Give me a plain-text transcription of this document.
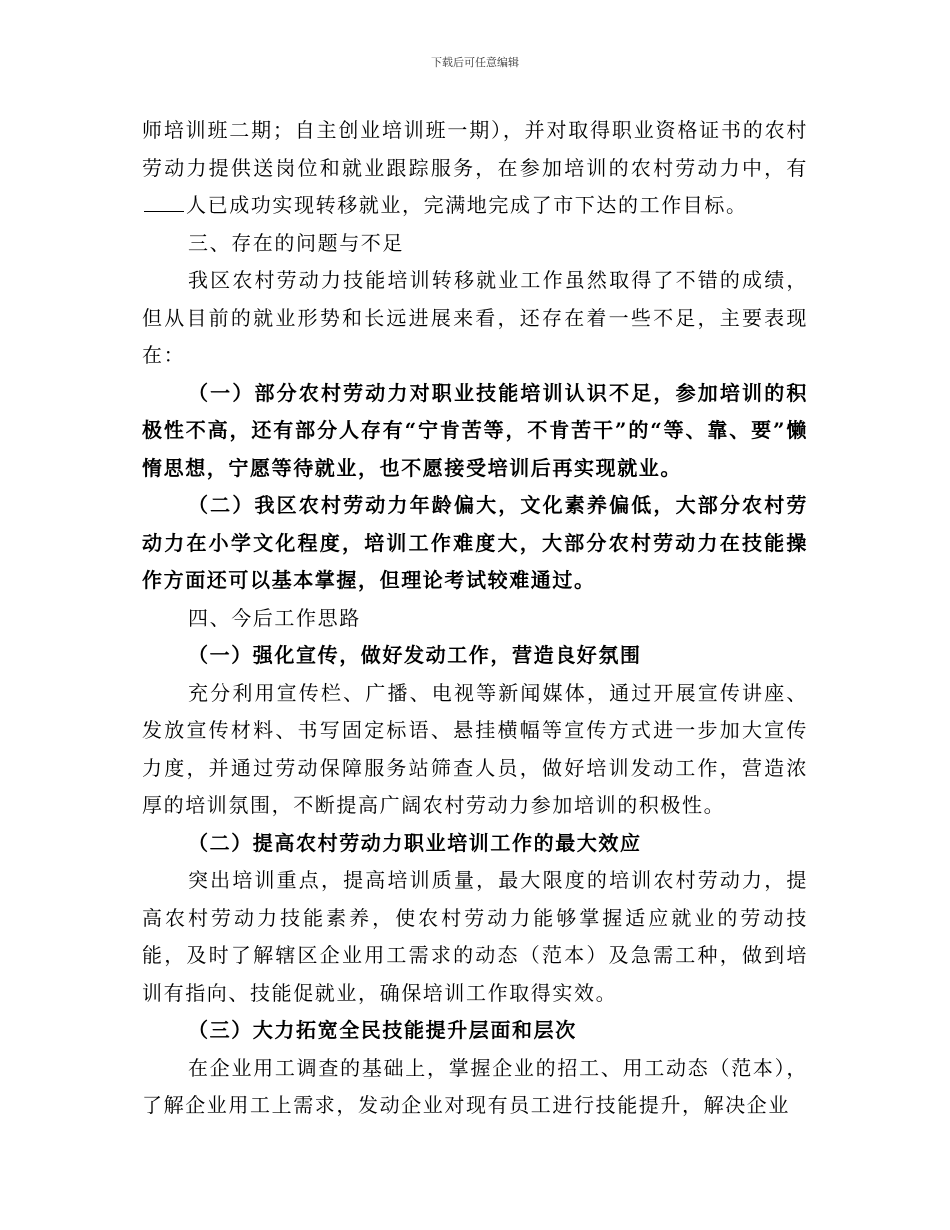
下载后可任意编辑

师培训班二期；自主创业培训班一期），并对取得职业资格证书的农村劳动力提供送岗位和就业跟踪服务，在参加培训的农村劳动力中，有人已成功实现转移就业，完满地完成了市下达的工作目标。

三、存在的问题与不足

我区农村劳动力技能培训转移就业工作虽然取得了不错的成绩，但从目前的就业形势和长远进展来看，还存在着一些不足，主要表现在：

（一）部分农村劳动力对职业技能培训认识不足，参加培训的积极性不高，还有部分人存有“宁肯苦等，不肯苦干”的“等、靠、要”懒惰思想，宁愿等待就业，也不愿接受培训后再实现就业。

（二）我区农村劳动力年龄偏大，文化素养偏低，大部分农村劳动力在小学文化程度，培训工作难度大，大部分农村劳动力在技能操作方面还可以基本掌握，但理论考试较难通过。

四、今后工作思路

（一）强化宣传，做好发动工作，营造良好氛围

充分利用宣传栏、广播、电视等新闻媒体，通过开展宣传讲座、发放宣传材料、书写固定标语、悬挂横幅等宣传方式进一步加大宣传力度，并通过劳动保障服务站筛查人员，做好培训发动工作，营造浓厚的培训氛围，不断提高广阔农村劳动力参加培训的积极性。

（二）提高农村劳动力职业培训工作的最大效应

突出培训重点，提高培训质量，最大限度的培训农村劳动力，提高农村劳动力技能素养，使农村劳动力能够掌握适应就业的劳动技能，及时了解辖区企业用工需求的动态（范本）及急需工种，做到培训有指向、技能促就业，确保培训工作取得实效。

（三）大力拓宽全民技能提升层面和层次

在企业用工调查的基础上，掌握企业的招工、用工动态（范本），了解企业用工上需求，发动企业对现有员工进行技能提升，解决企业
